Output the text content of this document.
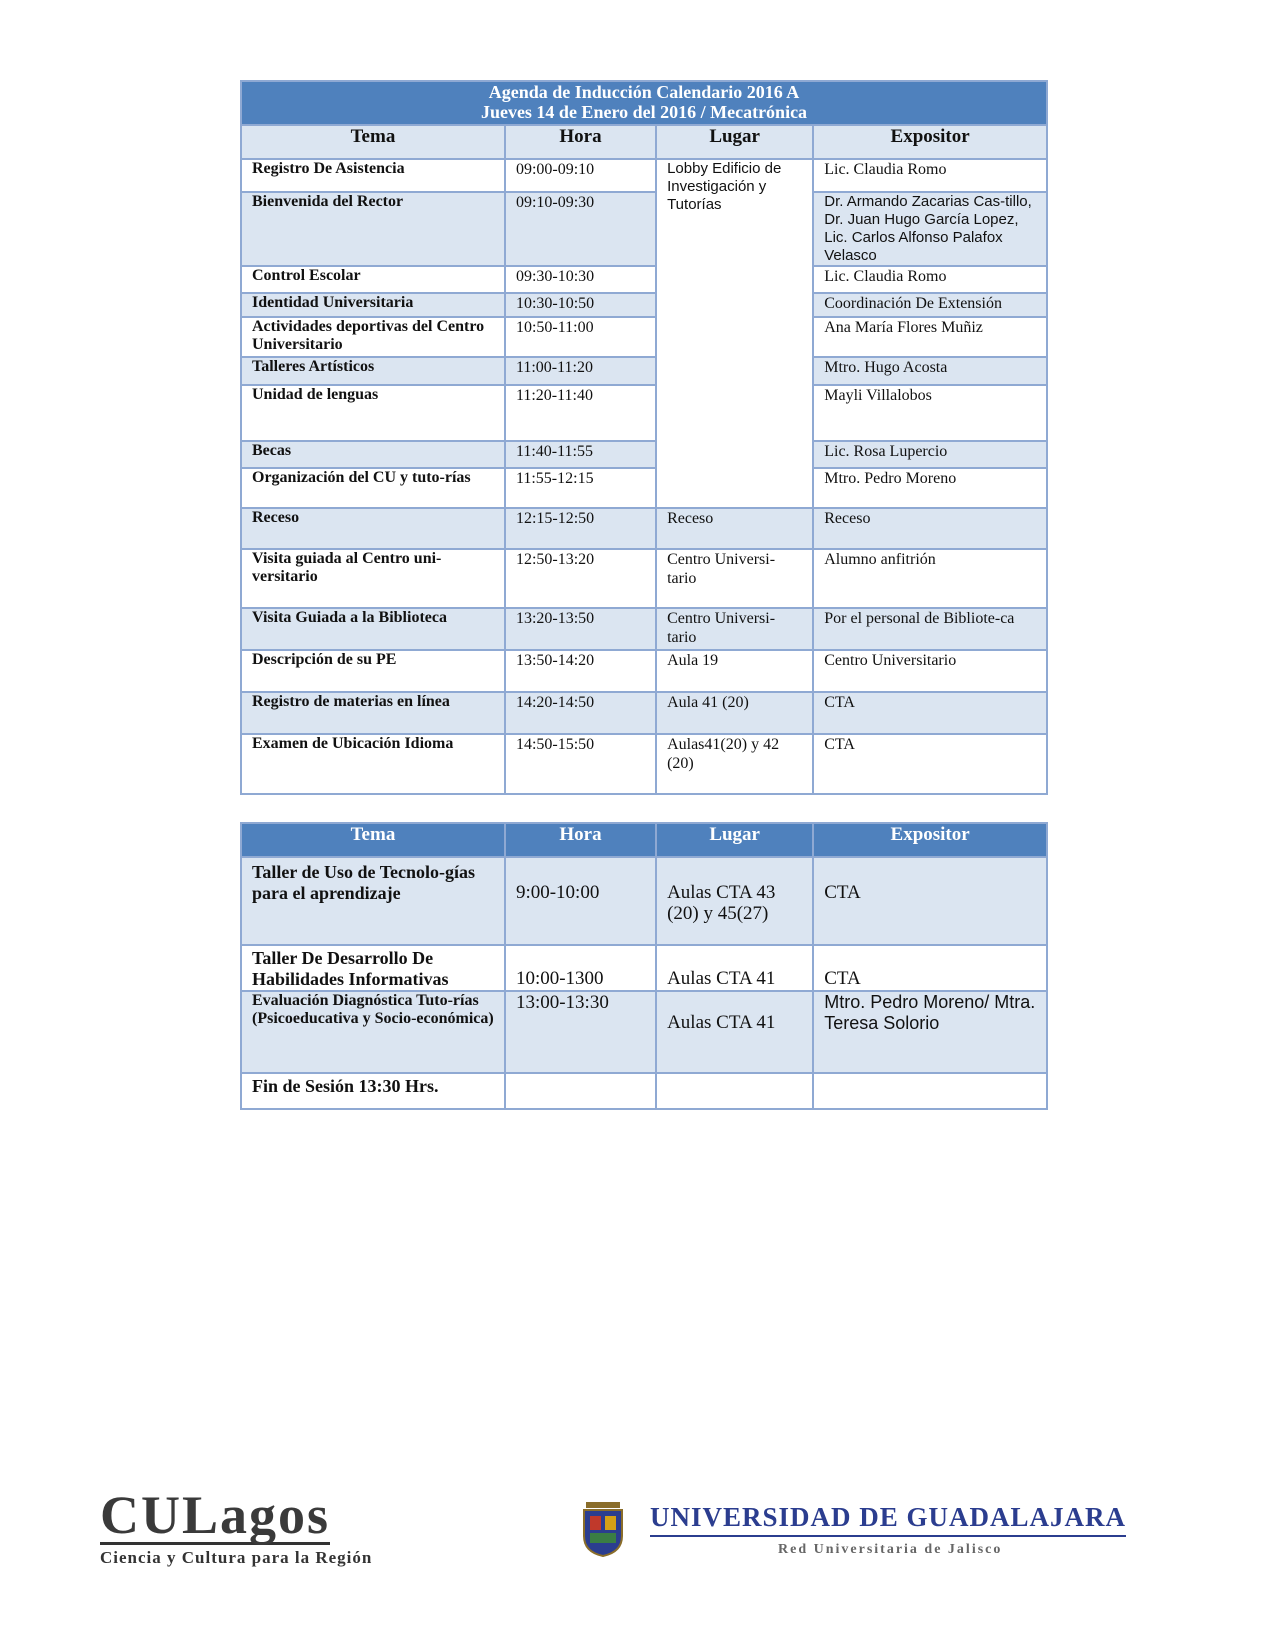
Agenda de Inducción Calendario 2016 A
Jueves 14 de Enero del 2016 / Mecatrónica			

Tema	Hora	Lugar	Expositor
Registro De Asistencia	09:00-09:10	Lobby Edificio de Investigación y Tutorías	Lic. Claudia Romo
Bienvenida del Rector	09:10-09:30		Dr. Armando Zacarias Cas-tillo, Dr. Juan Hugo García Lopez, Lic. Carlos Alfonso Palafox Velasco
Control Escolar	09:30-10:30		Lic. Claudia Romo
Identidad Universitaria	10:30-10:50		Coordinación De Extensión
Actividades deportivas del Centro Universitario	10:50-11:00		Ana María Flores Muñiz
Talleres Artísticos	11:00-11:20		Mtro. Hugo Acosta
Unidad de lenguas	11:20-11:40		Mayli Villalobos
Becas	11:40-11:55		Lic. Rosa Lupercio
Organización del CU y tuto-rías	11:55-12:15		Mtro. Pedro Moreno
Receso	12:15-12:50	Receso	Receso
Visita guiada al Centro uni-versitario	12:50-13:20	Centro Universi-tario	Alumno anfitrión
Visita Guiada a la Biblioteca	13:20-13:50	Centro Universi-tario	Por el personal de Bibliote-ca
Descripción de su PE	13:50-14:20	Aula 19	Centro Universitario
Registro de materias en línea	14:20-14:50	Aula 41 (20)	CTA
Examen de Ubicación Idioma	14:50-15:50	Aulas41(20) y 42 (20)	CTA
Tema	Hora	Lugar	Expositor
Taller de Uso de Tecnolo-gías para el aprendizaje	9:00-10:00	Aulas CTA 43 (20) y 45(27)	CTA
Taller De Desarrollo De Habilidades Informativas	10:00-1300	Aulas CTA 41	CTA
Evaluación Diagnóstica Tuto-rías (Psicoeducativa y Socio-económica)	13:00-13:30	Aulas CTA 41	Mtro. Pedro Moreno/ Mtra. Teresa Solorio
Fin de Sesión 13:30 Hrs.			
CULagos
Ciencia y Cultura para la Región
UNIVERSIDAD DE GUADALAJARA
Red Universitaria de Jalisco
